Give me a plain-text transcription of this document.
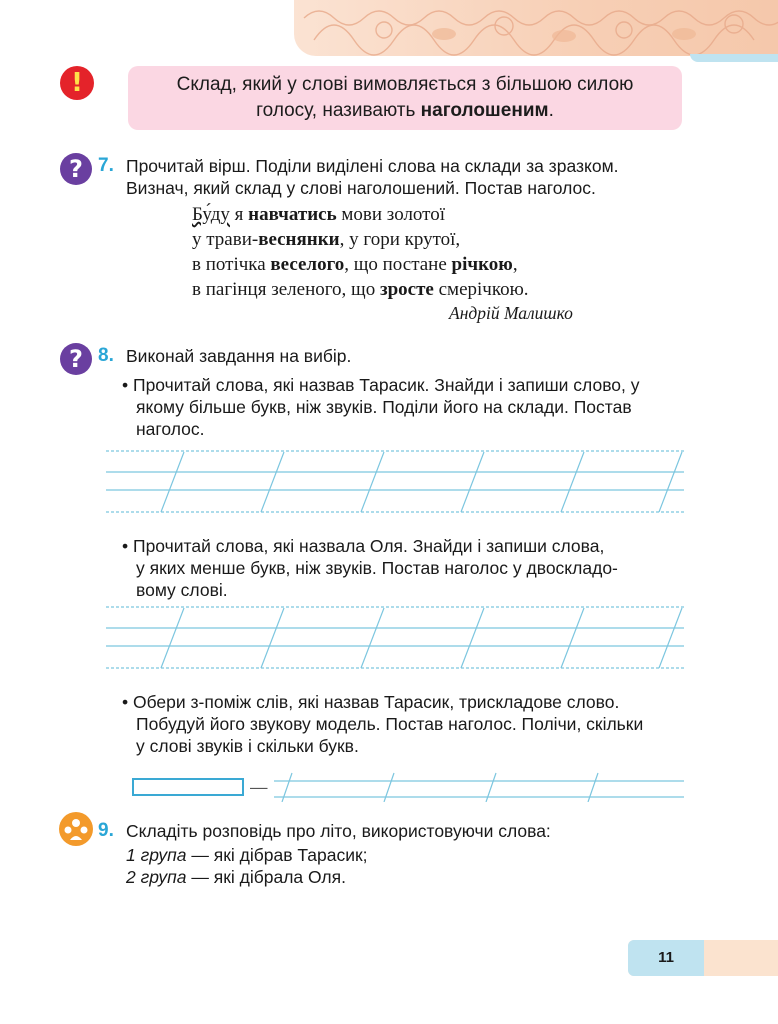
!	Склад, який у слові вимовляється з більшою силою
голосу, називають наголошеним.
? 7. Прочитай вірш. Поділи виділені слова на склади за зразком.
Визнач, який склад у слові наголошений. Постав наголос.
Бу́ду я навчатись мови золотої
у трави-веснянки, у гори крутої,
в потічка веселого, що постане річкою,
в пагінця зеленого, що зросте смерічкою.
Андрій Малишко
? 8. Виконай завдання на вибір.
• Прочитай слова, які назвав Тарасик. Знайди і запиши слово, у
якому більше букв, ніж звуків. Поділи його на склади. Постав
наголос.
• Прочитай слова, які назвала Оля. Знайди і запиши слова,
у яких менше букв, ніж звуків. Постав наголос у двоскладо-
вому слові.
• Обери з-поміж слів, які назвав Тарасик, трискладове слово.
Побудуй його звукову модель. Постав наголос. Полічи, скільки
у слові звуків і скільки букв.
—
9. Складіть розповідь про літо, використовуючи слова:
1 група — які дібрав Тарасик;
2 група — які дібрала Оля.
11
